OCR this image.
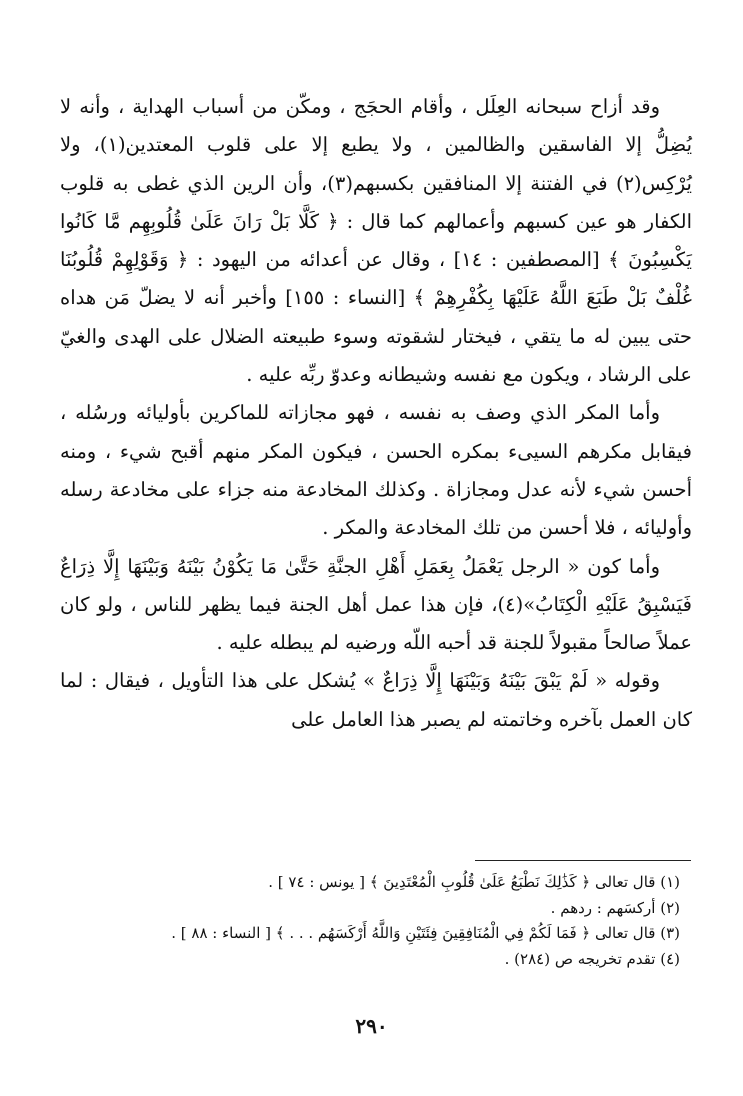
وقد أزاح سبحانه العِلَل ، وأقام الحجَج ، ومكّن من أسباب الهداية ، وأنه لا يُضِلُّ إلا الفاسقين والظالمين ، ولا يطبع إلا على قلوب المعتدين(١)، ولا يُرْكِس(٢) في الفتنة إلا المنافقين بكسبهم(٣)، وأن الرين الذي غطى به قلوب الكفار هو عين كسبهم وأعمالهم كما قال : ﴿ كَلَّا بَلْ رَانَ عَلَىٰ قُلُوبِهِم مَّا كَانُوا يَكْسِبُونَ ﴾ [المصطفين : ١٤] ، وقال عن أعدائه من اليهود : ﴿ وَقَوْلِهِمْ قُلُوبُنَا غُلْفٌ بَلْ طَبَعَ اللَّهُ عَلَيْهَا بِكُفْرِهِمْ ﴾ [النساء : ١٥٥] وأخبر أنه لا يضلّ مَن هداه حتى يبين له ما يتقي ، فيختار لشقوته وسوء طبيعته الضلال على الهدى والغيّ على الرشاد ، ويكون مع نفسه وشيطانه وعدوّ ربِّه عليه .

وأما المكر الذي وصف به نفسه ، فهو مجازاته للماكرين بأوليائه ورسُله ، فيقابل مكرهم السيىء بمكره الحسن ، فيكون المكر منهم أقبح شيء ، ومنه أحسن شيء لأنه عدل ومجازاة . وكذلك المخادعة منه جزاء على مخادعة رسله وأوليائه ، فلا أحسن من تلك المخادعة والمكر .

وأما كون « الرجل يَعْمَلُ بِعَمَلِ أَهْلِ الجنَّةِ حَتَّىٰ مَا يَكُوْنُ بَيْنَهُ وَبَيْنَهَا إِلَّا ذِرَاعٌ فَيَسْبِقُ عَلَيْهِ الْكِتَابُ»(٤)، فإن هذا عمل أهل الجنة فيما يظهر للناس ، ولو كان عملاً صالحاً مقبولاً للجنة قد أحبه اللّه ورضيه لم يبطله عليه .

وقوله « لَمْ يَبْقَ بَيْنَهُ وَبَيْنَهَا إِلَّا ذِرَاعٌ » يُشكل على هذا التأويل ، فيقال : لما كان العمل بآخره وخاتمته لم يصبر هذا العامل على

(١) قال تعالى ﴿ كَذَٰلِكَ نَطْبَعُ عَلَىٰ قُلُوبِ الْمُعْتَدِينَ ﴾ [ يونس : ٧٤ ] .

(٢) أركسَهم : ردهم .

(٣) قال تعالى ﴿ فَمَا لَكُمْ فِي الْمُنَافِقِينَ فِئَتَيْنِ وَاللَّهُ أَرْكَسَهُم . . . ﴾ [ النساء : ٨٨ ] .

(٤) تقدم تخريجه ص (٢٨٤) .

٢٩٠
